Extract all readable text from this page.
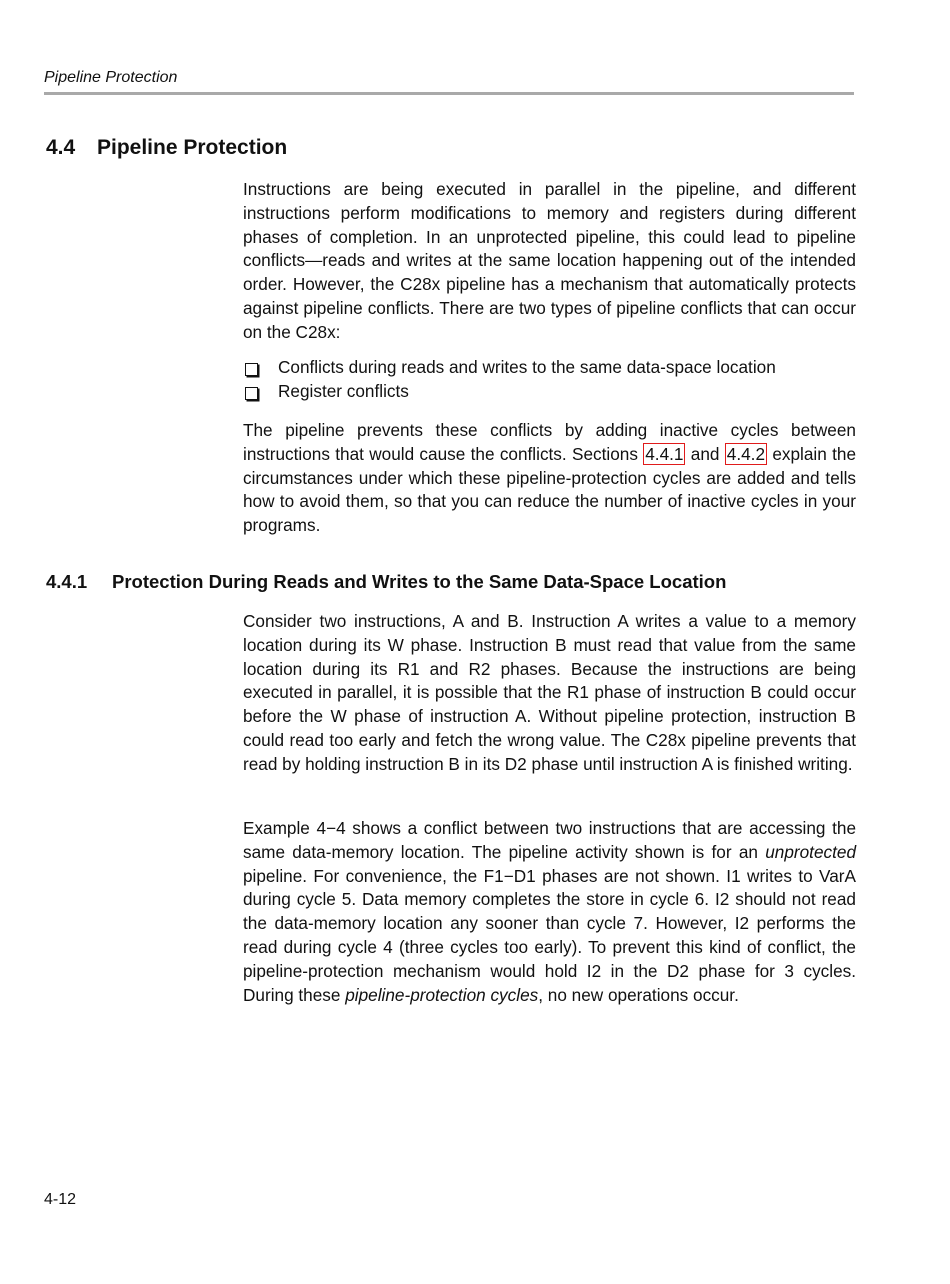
Pipeline Protection
4.4 Pipeline Protection

Instructions are being executed in parallel in the pipeline, and different instructions perform modifications to memory and registers during different phases of completion. In an unprotected pipeline, this could lead to pipeline conflicts—reads and writes at the same location happening out of the intended order. However, the C28x pipeline has a mechanism that automatically protects against pipeline conflicts. There are two types of pipeline conflicts that can occur on the C28x:

Conflicts during reads and writes to the same data-space location
Register conflicts

The pipeline prevents these conflicts by adding inactive cycles between instructions that would cause the conflicts. Sections 4.4.1 and 4.4.2 explain the circumstances under which these pipeline-protection cycles are added and tells how to avoid them, so that you can reduce the number of inactive cycles in your programs.

4.4.1 Protection During Reads and Writes to the Same Data-Space Location

Consider two instructions, A and B. Instruction A writes a value to a memory location during its W phase. Instruction B must read that value from the same location during its R1 and R2 phases. Because the instructions are being executed in parallel, it is possible that the R1 phase of instruction B could occur before the W phase of instruction A. Without pipeline protection, instruction B could read too early and fetch the wrong value. The C28x pipeline prevents that read by holding instruction B in its D2 phase until instruction A is finished writing.

Example 4−4 shows a conflict between two instructions that are accessing the same data-memory location. The pipeline activity shown is for an unprotected pipeline. For convenience, the F1−D1 phases are not shown. I1 writes to VarA during cycle 5. Data memory completes the store in cycle 6. I2 should not read the data-memory location any sooner than cycle 7. However, I2 performs the read during cycle 4 (three cycles too early). To prevent this kind of conflict, the pipeline-protection mechanism would hold I2 in the D2 phase for 3 cycles. During these pipeline-protection cycles, no new operations occur.

4-12
